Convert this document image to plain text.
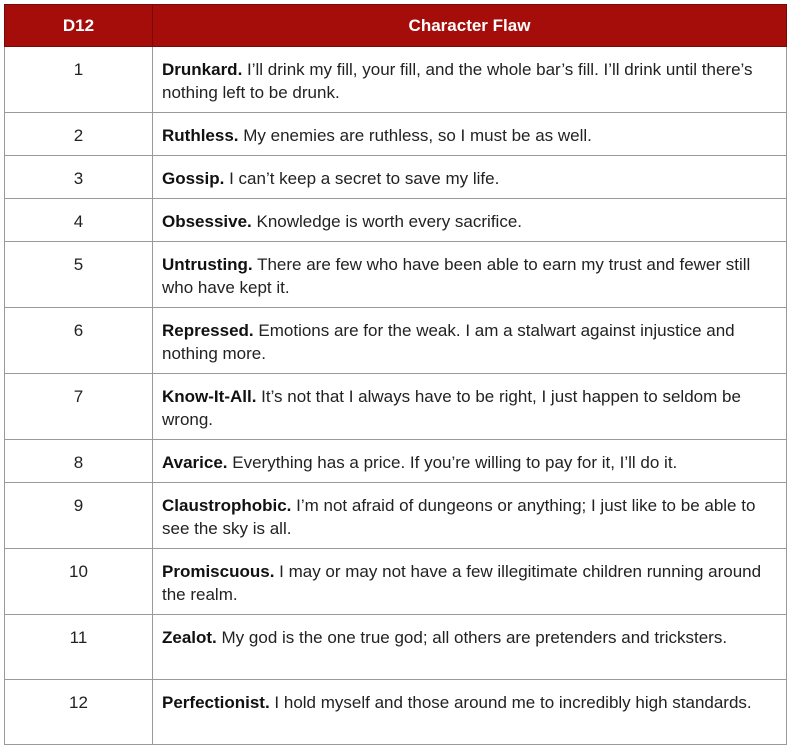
D12	Character Flaw
1	Drunkard. I’ll drink my fill, your fill, and the whole bar’s fill. I’ll drink until there’s nothing left to be drunk.
2	Ruthless. My enemies are ruthless, so I must be as well.
3	Gossip. I can’t keep a secret to save my life.
4	Obsessive. Knowledge is worth every sacrifice.
5	Untrusting. There are few who have been able to earn my trust and fewer still who have kept it.
6	Repressed. Emotions are for the weak. I am a stalwart against injustice and nothing more.
7	Know-It-All. It’s not that I always have to be right, I just happen to seldom be wrong.
8	Avarice. Everything has a price. If you’re willing to pay for it, I’ll do it.
9	Claustrophobic. I’m not afraid of dungeons or anything; I just like to be able to see the sky is all.
10	Promiscuous. I may or may not have a few illegitimate children running around the realm.
11	Zealot. My god is the one true god; all others are pretenders and tricksters.
12	Perfectionist. I hold myself and those around me to incredibly high standards.
